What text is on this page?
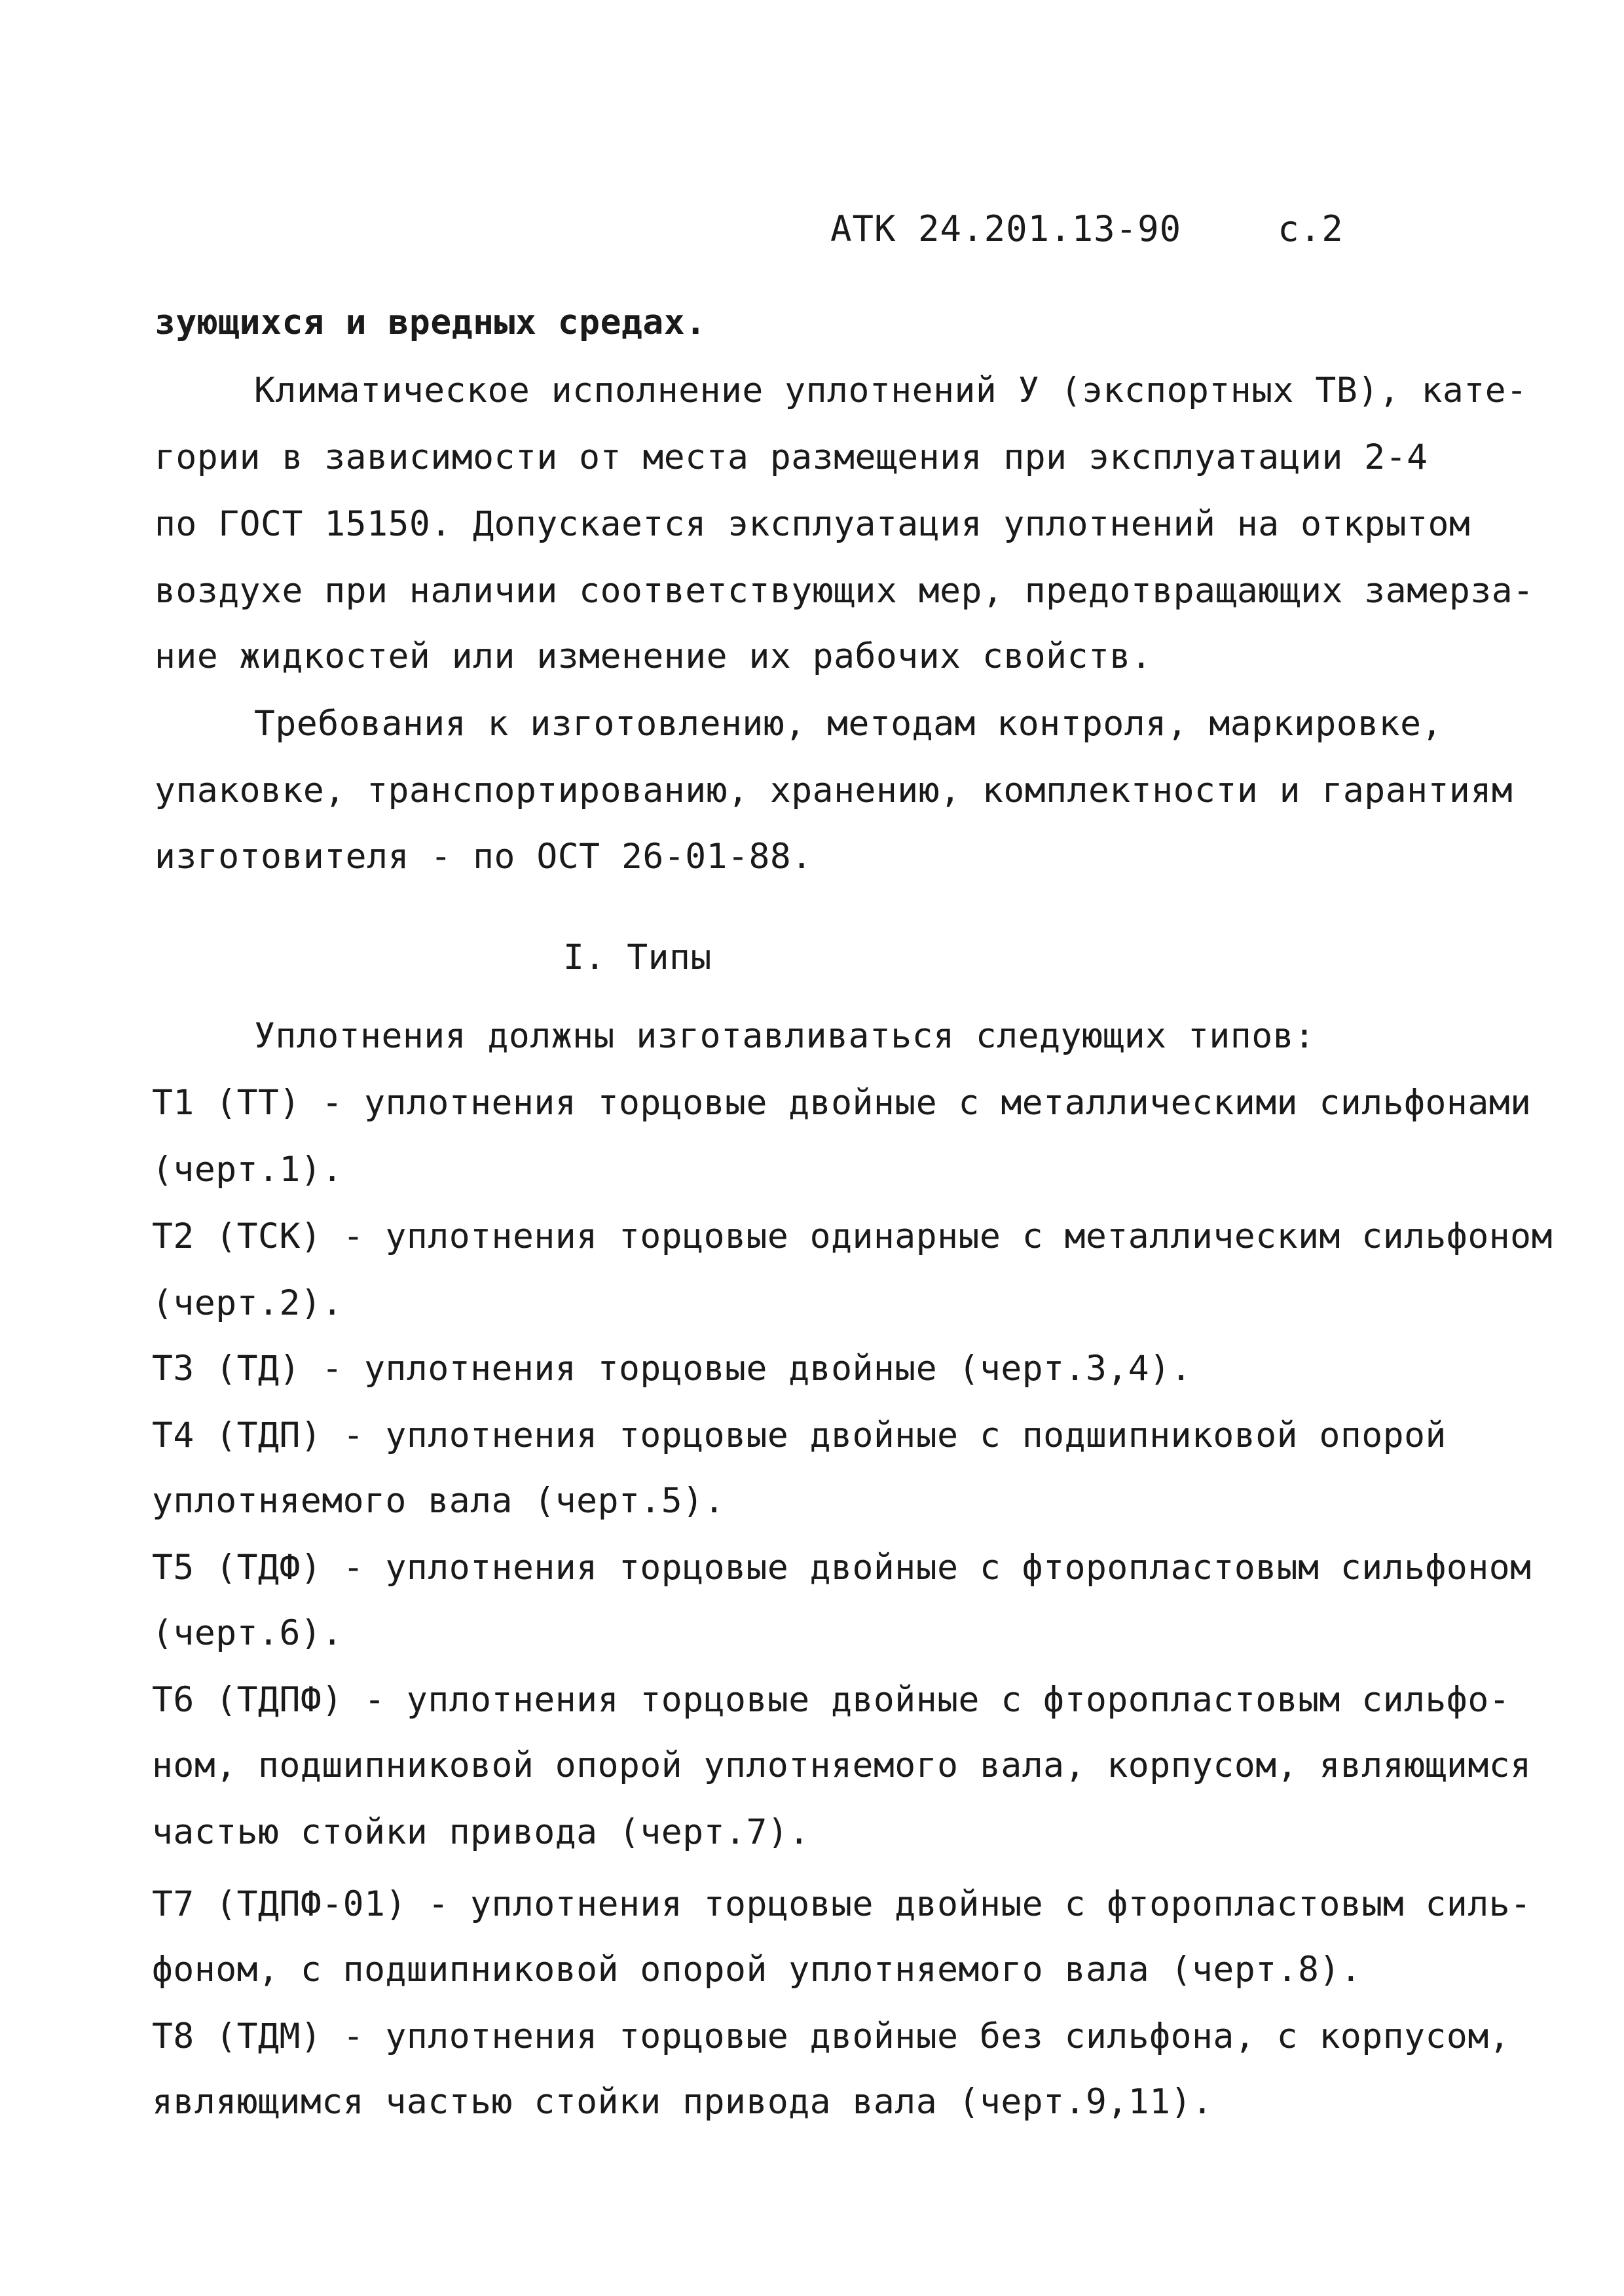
АТК 24.201.13-90	с.2
зующихся и вредных средах.
Климатическое исполнение уплотнений У (экспортных ТВ), кате-
гории в зависимости от места размещения при эксплуатации 2-4
по ГОСТ 15150. Допускается эксплуатация уплотнений на открытом
воздухе при наличии соответствующих мер, предотвращающих замерза-
ние жидкостей или изменение их рабочих свойств.
Требования к изготовлению, методам контроля, маркировке,
упаковке, транспортированию, хранению, комплектности и гарантиям
изготовителя - по ОСТ 26-01-88.
I. Типы
Уплотнения должны изготавливаться следующих типов:
Т1 (ТТ) - уплотнения торцовые двойные с металлическими сильфонами
(черт.1).
Т2 (ТСК) - уплотнения торцовые одинарные с металлическим сильфоном
(черт.2).
Т3 (ТД) - уплотнения торцовые двойные (черт.3,4).
Т4 (ТДП) - уплотнения торцовые двойные с подшипниковой опорой
уплотняемого вала (черт.5).
Т5 (ТДФ) - уплотнения торцовые двойные с фторопластовым сильфоном
(черт.6).
Т6 (ТДПФ) - уплотнения торцовые двойные с фторопластовым сильфо-
ном, подшипниковой опорой уплотняемого вала, корпусом, являющимся
частью стойки привода (черт.7).
Т7 (ТДПФ-01) - уплотнения торцовые двойные с фторопластовым силь-
фоном, с подшипниковой опорой уплотняемого вала (черт.8).
Т8 (ТДМ) - уплотнения торцовые двойные без сильфона, с корпусом,
являющимся частью стойки привода вала (черт.9,11).
